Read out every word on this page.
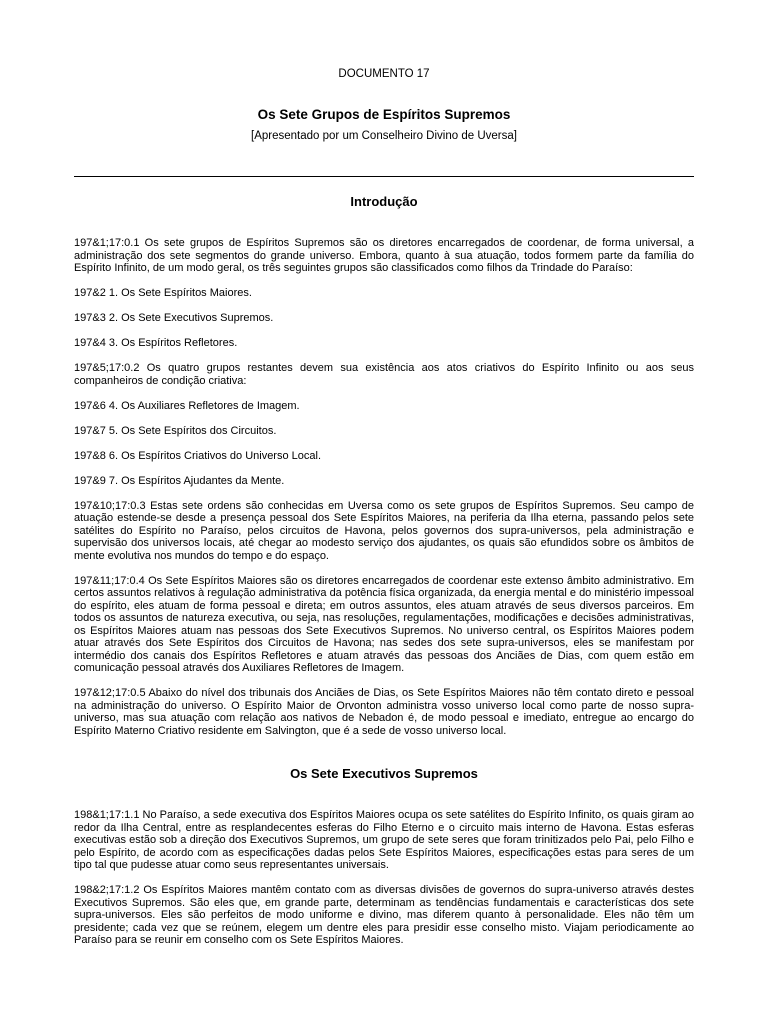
DOCUMENTO 17
Os Sete Grupos de Espíritos Supremos
[Apresentado por um Conselheiro Divino de Uversa]
Introdução

197&1;17:0.1 Os sete grupos de Espíritos Supremos são os diretores encarregados de coordenar, de forma universal, a administração dos sete segmentos do grande universo. Embora, quanto à sua atuação, todos formem parte da família do Espírito Infinito, de um modo geral, os três seguintes grupos são classificados como filhos da Trindade do Paraíso:

197&2 1. Os Sete Espíritos Maiores.

197&3 2. Os Sete Executivos Supremos.

197&4 3. Os Espíritos Refletores.

197&5;17:0.2 Os quatro grupos restantes devem sua existência aos atos criativos do Espírito Infinito ou aos seus companheiros de condição criativa:

197&6 4. Os Auxiliares Refletores de Imagem.

197&7 5. Os Sete Espíritos dos Circuitos.

197&8 6. Os Espíritos Criativos do Universo Local.

197&9 7. Os Espíritos Ajudantes da Mente.

197&10;17:0.3 Estas sete ordens são conhecidas em Uversa como os sete grupos de Espíritos Supremos. Seu campo de atuação estende-se desde a presença pessoal dos Sete Espíritos Maiores, na periferia da Ilha eterna, passando pelos sete satélites do Espírito no Paraíso, pelos circuitos de Havona, pelos governos dos supra-universos, pela administração e supervisão dos universos locais, até chegar ao modesto serviço dos ajudantes, os quais são efundidos sobre os âmbitos de mente evolutiva nos mundos do tempo e do espaço.

197&11;17:0.4 Os Sete Espíritos Maiores são os diretores encarregados de coordenar este extenso âmbito administrativo. Em certos assuntos relativos à regulação administrativa da potência física organizada, da energia mental e do ministério impessoal do espírito, eles atuam de forma pessoal e direta; em outros assuntos, eles atuam através de seus diversos parceiros. Em todos os assuntos de natureza executiva, ou seja, nas resoluções, regulamentações, modificações e decisões administrativas, os Espíritos Maiores atuam nas pessoas dos Sete Executivos Supremos. No universo central, os Espíritos Maiores podem atuar através dos Sete Espíritos dos Circuitos de Havona; nas sedes dos sete supra-universos, eles se manifestam por intermédio dos canais dos Espíritos Refletores e atuam através das pessoas dos Anciães de Dias, com quem estão em comunicação pessoal através dos Auxiliares Refletores de Imagem.

197&12;17:0.5 Abaixo do nível dos tribunais dos Anciães de Dias, os Sete Espíritos Maiores não têm contato direto e pessoal na administração do universo. O Espírito Maior de Orvonton administra vosso universo local como parte de nosso supra-universo, mas sua atuação com relação aos nativos de Nebadon é, de modo pessoal e imediato, entregue ao encargo do Espírito Materno Criativo residente em Salvington, que é a sede de vosso universo local.

Os Sete Executivos Supremos

198&1;17:1.1 No Paraíso, a sede executiva dos Espíritos Maiores ocupa os sete satélites do Espírito Infinito, os quais giram ao redor da Ilha Central, entre as resplandecentes esferas do Filho Eterno e o circuito mais interno de Havona. Estas esferas executivas estão sob a direção dos Executivos Supremos, um grupo de sete seres que foram trinitizados pelo Pai, pelo Filho e pelo Espírito, de acordo com as especificações dadas pelos Sete Espíritos Maiores, especificações estas para seres de um tipo tal que pudesse atuar como seus representantes universais.

198&2;17:1.2 Os Espíritos Maiores mantêm contato com as diversas divisões de governos do supra-universo através destes Executivos Supremos. São eles que, em grande parte, determinam as tendências fundamentais e características dos sete supra-universos. Eles são perfeitos de modo uniforme e divino, mas diferem quanto à personalidade. Eles não têm um presidente; cada vez que se reúnem, elegem um dentre eles para presidir esse conselho misto. Viajam periodicamente ao Paraíso para se reunir em conselho com os Sete Espíritos Maiores.
